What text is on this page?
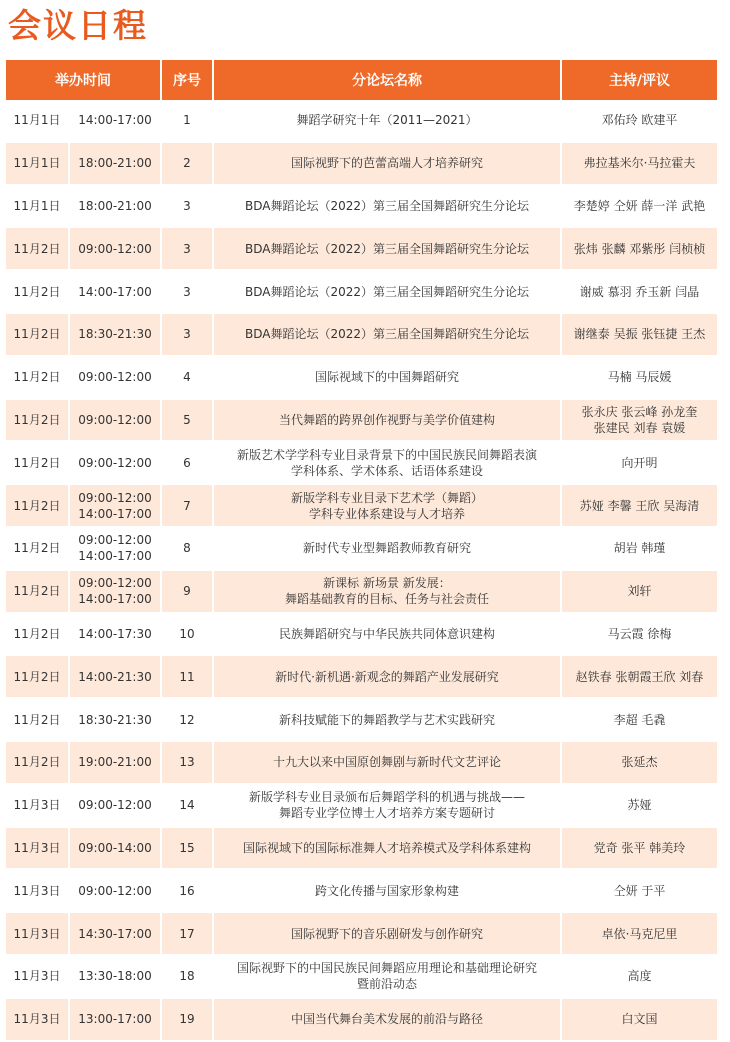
会议日程
举办时间		序号	分论坛名称	主持/评议
11月1日	14:00-17:00	1	舞蹈学研究十年（2011—2021）	邓佑玲 欧建平

11月1日	18:00-21:00	2	国际视野下的芭蕾高端人才培养研究	弗拉基米尔·马拉霍夫

11月1日	18:00-21:00	3	BDA舞蹈论坛（2022）第三届全国舞蹈研究生分论坛	李楚婷 仝妍 薛一洋 武艳

11月2日	09:00-12:00	3	BDA舞蹈论坛（2022）第三届全国舞蹈研究生分论坛	张炜 张麟 邓紫彤 闫桢桢

11月2日	14:00-17:00	3	BDA舞蹈论坛（2022）第三届全国舞蹈研究生分论坛	谢威 慕羽 乔玉新 闫晶

11月2日	18:30-21:30	3	BDA舞蹈论坛（2022）第三届全国舞蹈研究生分论坛	谢继泰 吴振 张钰捷 王杰

11月2日	09:00-12:00	4	国际视域下的中国舞蹈研究	马楠 马辰媛

11月2日	09:00-12:00	5	当代舞蹈的跨界创作视野与美学价值建构	张永庆 张云峰 孙龙奎
张建民 刘春 袁媛

11月2日	09:00-12:00	6	新版艺术学学科专业目录背景下的中国民族民间舞蹈表演
学科体系、学术体系、话语体系建设	向开明

11月2日	09:00-12:00
14:00-17:00	7	新版学科专业目录下艺术学（舞蹈）
学科专业体系建设与人才培养	苏娅 李馨 王欣 吴海清

11月2日	09:00-12:00
14:00-17:00	8	新时代专业型舞蹈教师教育研究	胡岩 韩瑾

11月2日	09:00-12:00
14:00-17:00	9	新课标 新场景 新发展：
舞蹈基础教育的目标、任务与社会责任	刘轩

11月2日	14:00-17:30	10	民族舞蹈研究与中华民族共同体意识建构	马云霞 徐梅

11月2日	14:00-21:30	11	新时代·新机遇·新观念的舞蹈产业发展研究	赵铁春 张朝霞王欣 刘春

11月2日	18:30-21:30	12	新科技赋能下的舞蹈教学与艺术实践研究	李超 毛毳

11月2日	19:00-21:00	13	十九大以来中国原创舞剧与新时代文艺评论	张延杰

11月3日	09:00-12:00	14	新版学科专业目录颁布后舞蹈学科的机遇与挑战——
舞蹈专业学位博士人才培养方案专题研讨	苏娅

11月3日	09:00-14:00	15	国际视域下的国际标准舞人才培养模式及学科体系建构	党奇 张平 韩美玲

11月3日	09:00-12:00	16	跨文化传播与国家形象构建	仝妍 于平

11月3日	14:30-17:00	17	国际视野下的音乐剧研发与创作研究	卓依·马克尼里

11月3日	13:30-18:00	18	国际视野下的中国民族民间舞蹈应用理论和基础理论研究
暨前沿动态	高度

11月3日	13:00-17:00	19	中国当代舞台美术发展的前沿与路径	白文国
